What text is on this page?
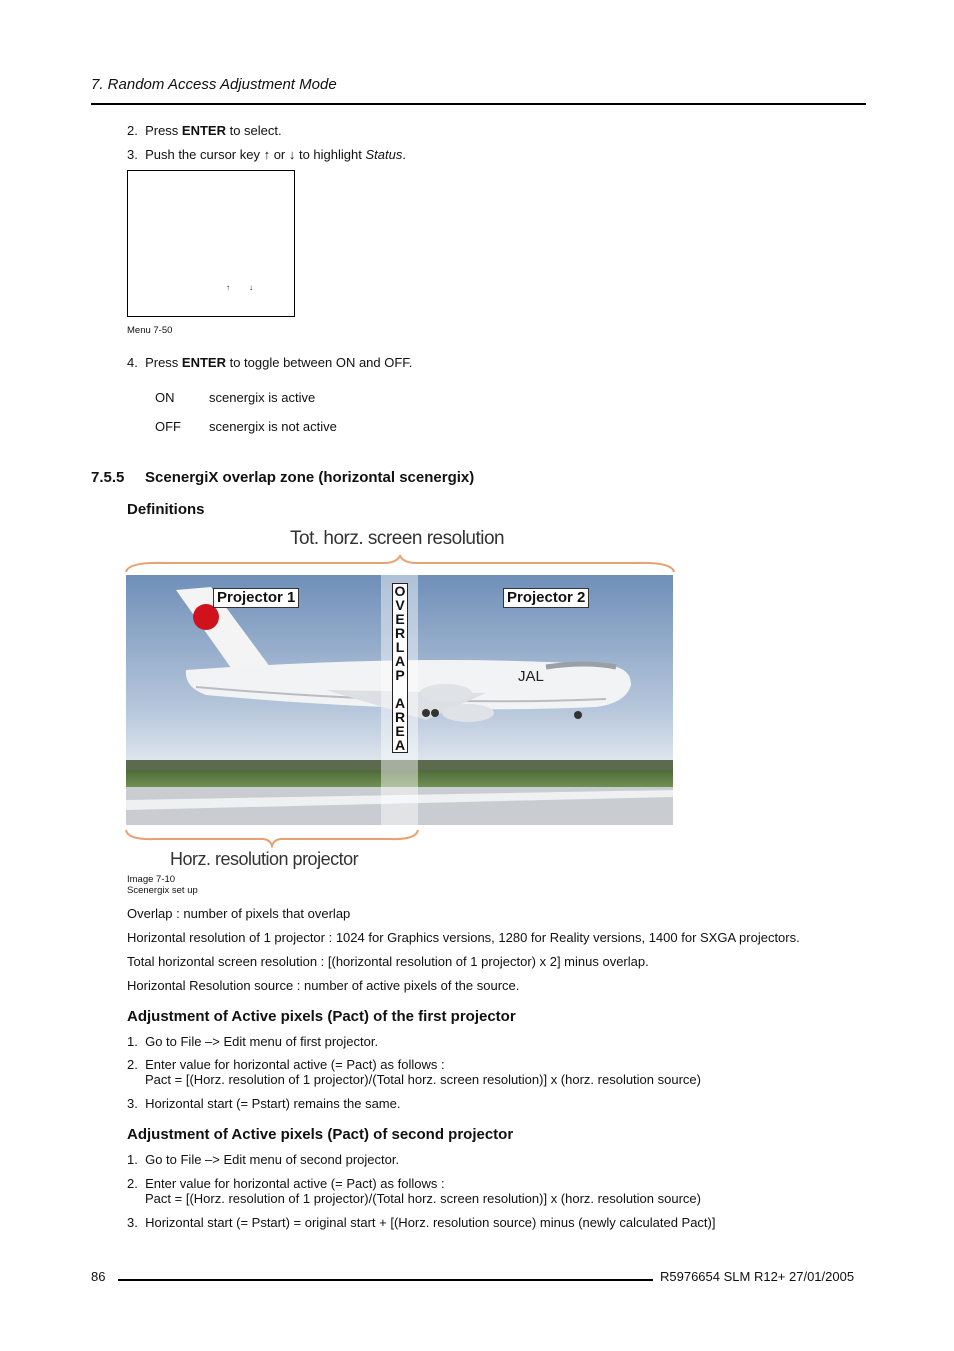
7. Random Access Adjustment Mode
2. Press ENTER to select.
3. Push the cursor key ↑ or ↓ to highlight Status.
↑ ↓
Menu 7-50
4. Press ENTER to toggle between ON and OFF.
ON	scenergix is active
OFF scenergix is not active
7.5.5 ScenergiX overlap zone (horizontal scenergix)
Definitions
Tot. horz. screen resolution
JAL
Projector 1	Projector 2
O
V
E
R
L
A
P
A
R
E
A
Horz. resolution projector
Image 7-10
Scenergix set up
Overlap : number of pixels that overlap
Horizontal resolution of 1 projector : 1024 for Graphics versions, 1280 for Reality versions, 1400 for SXGA projectors.
Total horizontal screen resolution : [(horizontal resolution of 1 projector) x 2] minus overlap.
Horizontal Resolution source : number of active pixels of the source.
Adjustment of Active pixels (Pact) of the first projector
1. Go to File –> Edit menu of first projector.
2. Enter value for horizontal active (= Pact) as follows :
Pact = [(Horz. resolution of 1 projector)/(Total horz. screen resolution)] x (horz. resolution source)
3. Horizontal start (= Pstart) remains the same.
Adjustment of Active pixels (Pact) of second projector
1. Go to File –> Edit menu of second projector.
2. Enter value for horizontal active (= Pact) as follows :
Pact = [(Horz. resolution of 1 projector)/(Total horz. screen resolution)] x (horz. resolution source)
3. Horizontal start (= Pstart) = original start + [(Horz. resolution source) minus (newly calculated Pact)]
86	R5976654 SLM R12+ 27/01/2005
